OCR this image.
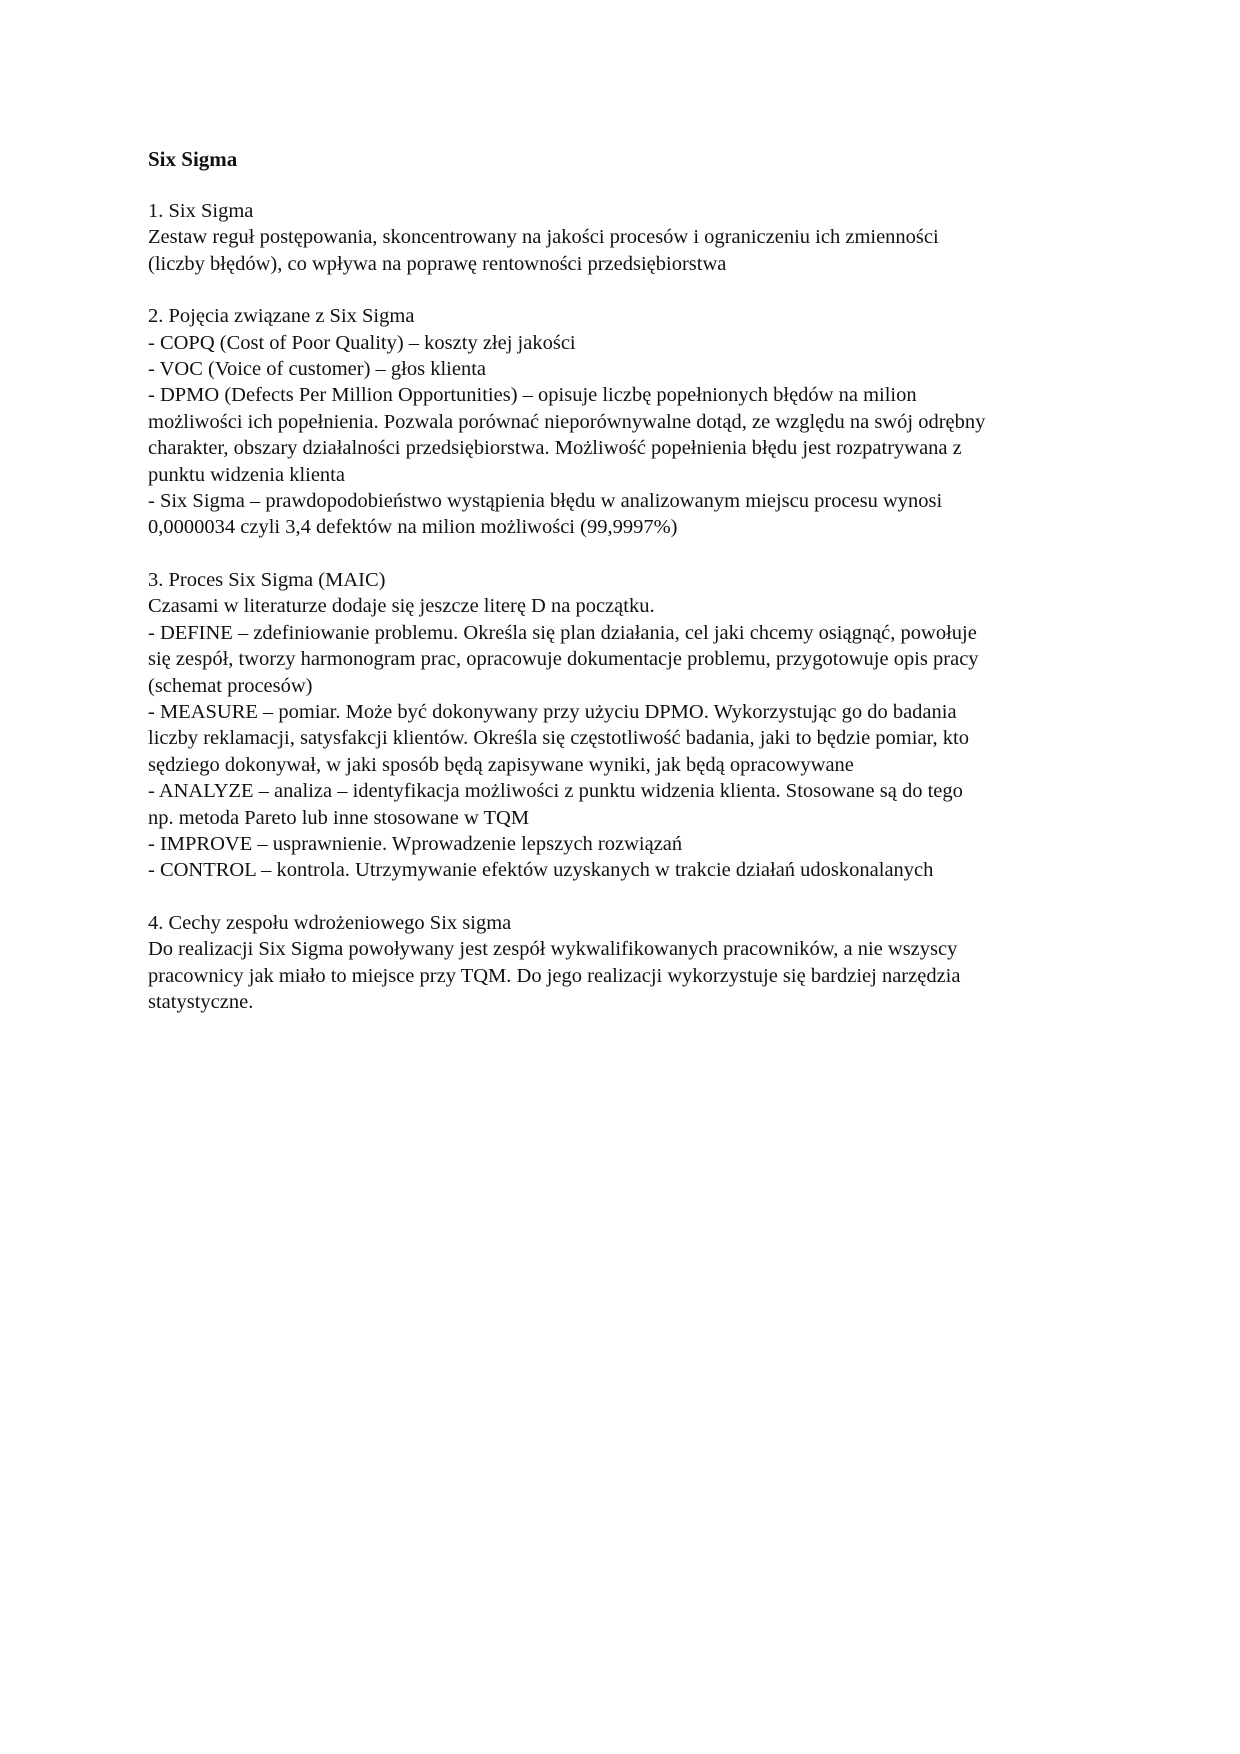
Six Sigma

1. Six Sigma

Zestaw reguł postępowania, skoncentrowany na jakości procesów i ograniczeniu ich zmienności

(liczby błędów), co wpływa na poprawę rentowności przedsiębiorstwa

2. Pojęcia związane z Six Sigma

- COPQ (Cost of Poor Quality) – koszty złej jakości

- VOC (Voice of customer) – głos klienta

- DPMO (Defects Per Million Opportunities) – opisuje liczbę popełnionych błędów na milion

możliwości ich popełnienia. Pozwala porównać nieporównywalne dotąd, ze względu na swój odrębny

charakter, obszary działalności przedsiębiorstwa. Możliwość popełnienia błędu jest rozpatrywana z

punktu widzenia klienta

- Six Sigma – prawdopodobieństwo wystąpienia błędu w analizowanym miejscu procesu wynosi

0,0000034 czyli 3,4 defektów na milion możliwości (99,9997%)

3. Proces Six Sigma (MAIC)

Czasami w literaturze dodaje się jeszcze literę D na początku.

- DEFINE – zdefiniowanie problemu. Określa się plan działania, cel jaki chcemy osiągnąć, powołuje

się zespół, tworzy harmonogram prac, opracowuje dokumentacje problemu, przygotowuje opis pracy

(schemat procesów)

- MEASURE – pomiar. Może być dokonywany przy użyciu DPMO. Wykorzystując go do badania

liczby reklamacji, satysfakcji klientów. Określa się częstotliwość badania, jaki to będzie pomiar, kto

sędziego dokonywał, w jaki sposób będą zapisywane wyniki, jak będą opracowywane

- ANALYZE – analiza – identyfikacja możliwości z punktu widzenia klienta. Stosowane są do tego

np. metoda Pareto lub inne stosowane w TQM

- IMPROVE – usprawnienie. Wprowadzenie lepszych rozwiązań

- CONTROL – kontrola. Utrzymywanie efektów uzyskanych w trakcie działań udoskonalanych

4. Cechy zespołu wdrożeniowego Six sigma

Do realizacji Six Sigma powoływany jest zespół wykwalifikowanych pracowników, a nie wszyscy

pracownicy jak miało to miejsce przy TQM. Do jego realizacji wykorzystuje się bardziej narzędzia

statystyczne.
